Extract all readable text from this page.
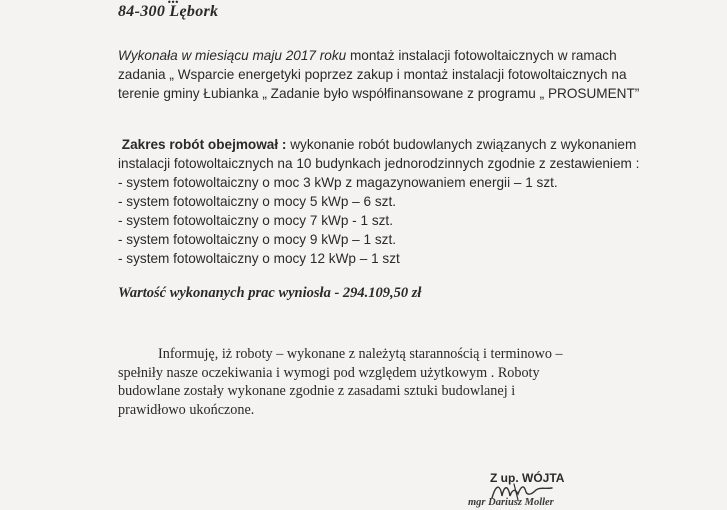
84-300 Lębork
Wykonała w miesiącu maju 2017 roku montaż instalacji fotowoltaicznych w ramach
zadania „ Wsparcie energetyki poprzez zakup i montaż instalacji fotowoltaicznych na
terenie gminy Łubianka „ Zadanie było współfinansowane z programu „ PROSUMENT”
Zakres robót obejmował : wykonanie robót budowlanych związanych z wykonaniem
instalacji fotowoltaicznych na 10 budynkach jednorodzinnych zgodnie z zestawieniem :
- system fotowoltaiczny o moc 3 kWp z magazynowaniem energii – 1 szt.
- system fotowoltaiczny o mocy 5 kWp – 6 szt.
- system fotowoltaiczny o mocy 7 kWp - 1 szt.
- system fotowoltaiczny o mocy 9 kWp – 1 szt.
- system fotowoltaiczny o mocy 12 kWp – 1 szt
Wartość wykonanych prac wyniosła - 294.109,50 zł
Informuję, iż roboty – wykonane z należytą starannością i terminowo –
spełniły nasze oczekiwania i wymogi pod względem użytkowym . Roboty
budowlane zostały wykonane zgodnie z zasadami sztuki budowlanej i
prawidłowo ukończone.
Z up. WÓJTA
mgr Dariusz Moller
